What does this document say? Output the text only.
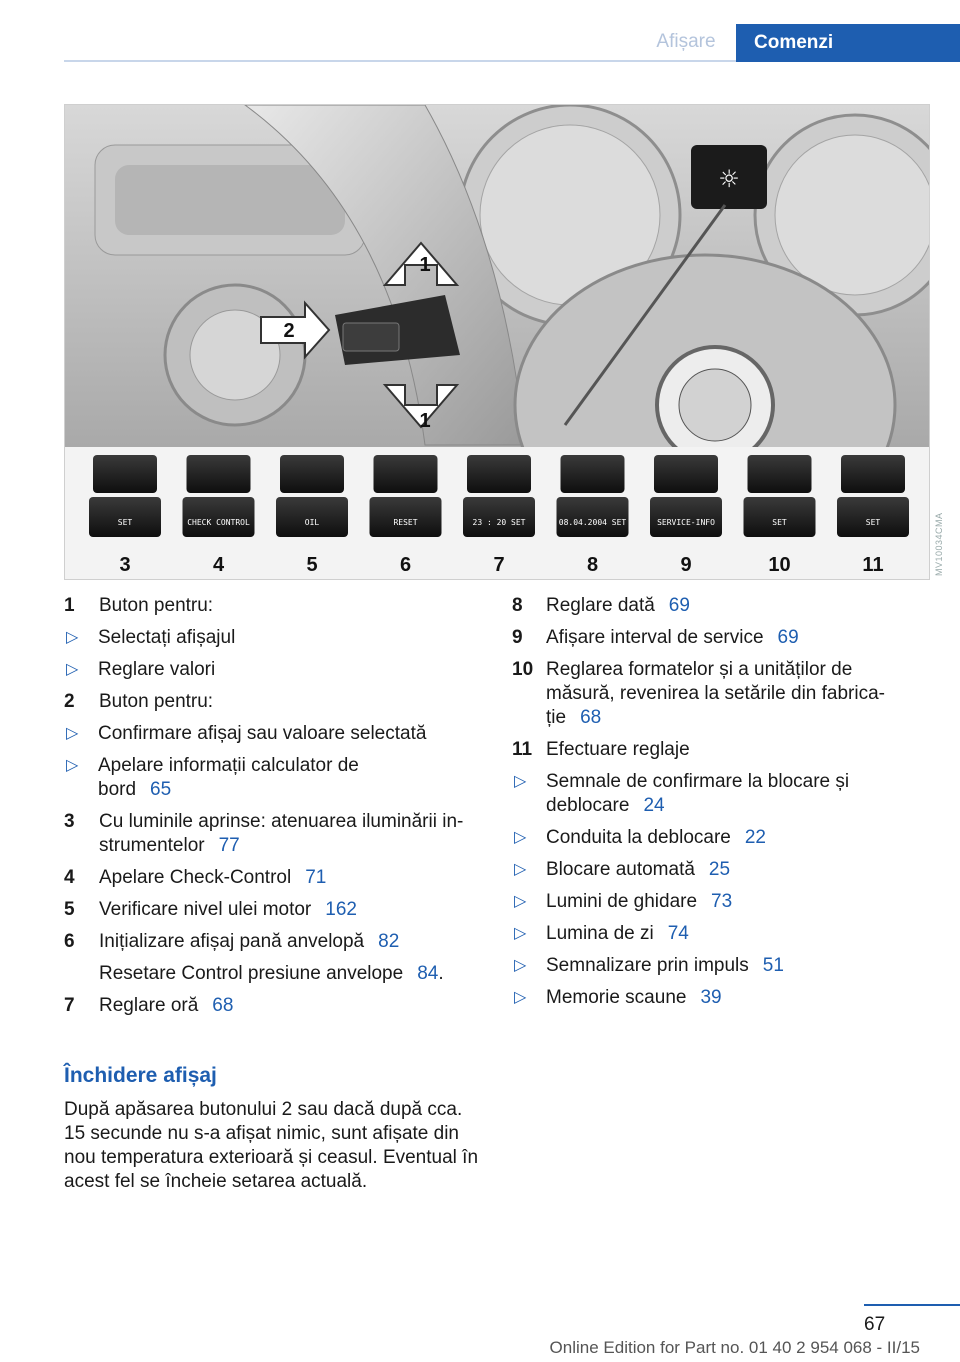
Afișare	Comenzi
☼
1
2
1
SET
3
CHECK CONTROL
4
OIL
5
RESET
6
23 : 20 SET
7
08.04.2004 SET
8
SERVICE-INFO
9
SET
10
SET
11	MV10034CMA
1	Buton pentru:
▷ Selectați afișajul
▷ Reglare valori
2	Buton pentru:
▷ Confirmare afișaj sau valoare selectată
▷ Apelare informații calculator de
bord 65
3	Cu luminile aprinse: atenuarea iluminării in‐
strumentelor 77
4	Apelare Check-Control 71
5	Verificare nivel ulei motor 162
6	Inițializare afișaj pană anvelopă 82
Resetare Control presiune anvelope 84.
7	Reglare oră 68
8	Reglare dată 69
9	Afișare interval de service 69
10 Reglarea formatelor și a unităților de
măsură, revenirea la setările din fabrica‐
ție 68
11 Efectuare reglaje
▷ Semnale de confirmare la blocare și
deblocare 24
▷ Conduita la deblocare 22
▷ Blocare automată 25
▷ Lumini de ghidare 73
▷ Lumina de zi 74
▷ Semnalizare prin impuls 51
▷ Memorie scaune 39
Închidere afișaj
După apăsarea butonului 2 sau dacă după cca. 15 secunde nu s-a afișat nimic, sunt afișate din nou temperatura exterioară și ceasul. Eventual în acest fel se încheie setarea actuală.
67
Online Edition for Part no. 01 40 2 954 068 - II/15
